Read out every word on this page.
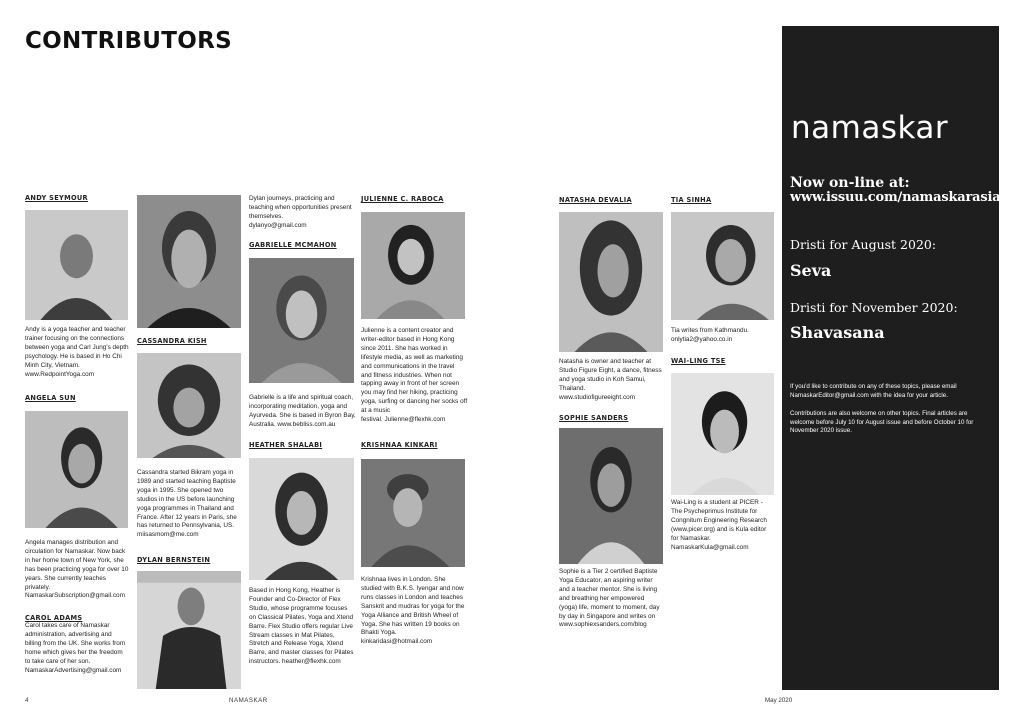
CONTRIBUTORS
ANDY SEYMOUR
Andy is a yoga teacher and teacher
trainer focusing on the connections
between yoga and Carl Jung's depth
psychology. He is based in Ho Chi
Minh City, Vietnam.
www.RedpointYoga.com
ANGELA SUN
Angela manages distribution and
circulation for Namaskar. Now back
in her home town of New York, she
has been practicing yoga for over 10
years. She currently teaches
privately.
NamaskarSubscription@gmail.com
CAROL ADAMS
Carol takes care of Namaskar
administration, advertising and
billing from the UK. She works from
home which gives her the freedom
to take care of her son.
NamaskarAdvertising@gmail.com
CASSANDRA KISH
Cassandra started Bikram yoga in
1989 and started teaching Baptiste
yoga in 1995. She opened two
studios in the US before launching
yoga programmes in Thailand and
France. After 12 years in Paris, she
has returned to Pennsylvania, US.
miisasmom@me.com
DYLAN BERNSTEIN
Dylan journeys, practicing and
teaching when opportunities present
themselves.
dylanyo@gmail.com
GABRIELLE MCMAHON
Gabrielle is a life and spiritual coach,
incorporating meditation, yoga and
Ayurveda. She is based in Byron Bay,
Australia. www.bebliss.com.au
HEATHER SHALABI
Based in Hong Kong, Heather is
Founder and Co-Director of Flex
Studio, whose programme focuses
on Classical Pilates, Yoga and Xtend
Barre. Flex Studio offers regular Live
Stream classes in Mat Pilates,
Stretch and Release Yoga, Xtend
Barre, and master classes for Pilates
instructors. heather@flexhk.com
JULIENNE C. RABOCA
Julienne is a content creator and
writer-editor based in Hong Kong
since 2011. She has worked in
lifestyle media, as well as marketing
and communications in the travel
and fitness industries. When not
tapping away in front of her screen
you may find her hiking, practicing
yoga, surfing or dancing her socks off
at a music
festival. Julienne@flexhk.com
KRISHNAA KINKARI
Krishnaa lives in London. She
studied with B.K.S. Iyengar and now
runs classes in London and teaches
Sanskrit and mudras for yoga for the
Yoga Alliance and British Wheel of
Yoga. She has written 19 books on
Bhakti Yoga.
kinkaridasi@hotmail.com
NATASHA DEVALIA
Natasha is owner and teacher at
Studio Figure Eight, a dance, fitness
and yoga studio in Koh Samui,
Thailand.
www.studiofigureeight.com
SOPHIE SANDERS
Sophie is a Tier 2 certified Baptiste
Yoga Educator, an aspiring writer
and a teacher mentor. She is living
and breathing her empowered
(yoga) life, moment to moment, day
by day in Singapore and writes on
www.sophiexsanders.com/blog
TIA SINHA
Tia writes from Kathmandu.
onlytia2@yahoo.co.in
WAI-LING TSE
Wai-Ling is a student at PICER -
The Psycheprimus Institute for
Congnitum Engineering Research
(www.picer.org) and is Kula editor
for Namaskar.
NamaskarKula@gmail.com
4	NAMASKAR	May 2020
namaskar
Now on-line at:
www.issuu.com/namaskarasia
Dristi for August 2020:
Seva
Dristi for November 2020:
Shavasana
If you'd like to contribute on any of these topics, please email NamaskarEditor@gmail.com with the idea for your article.
Contributions are also welcome on other topics. Final articles are welcome before July 10 for August issue and before October 10 for November 2020 issue.
